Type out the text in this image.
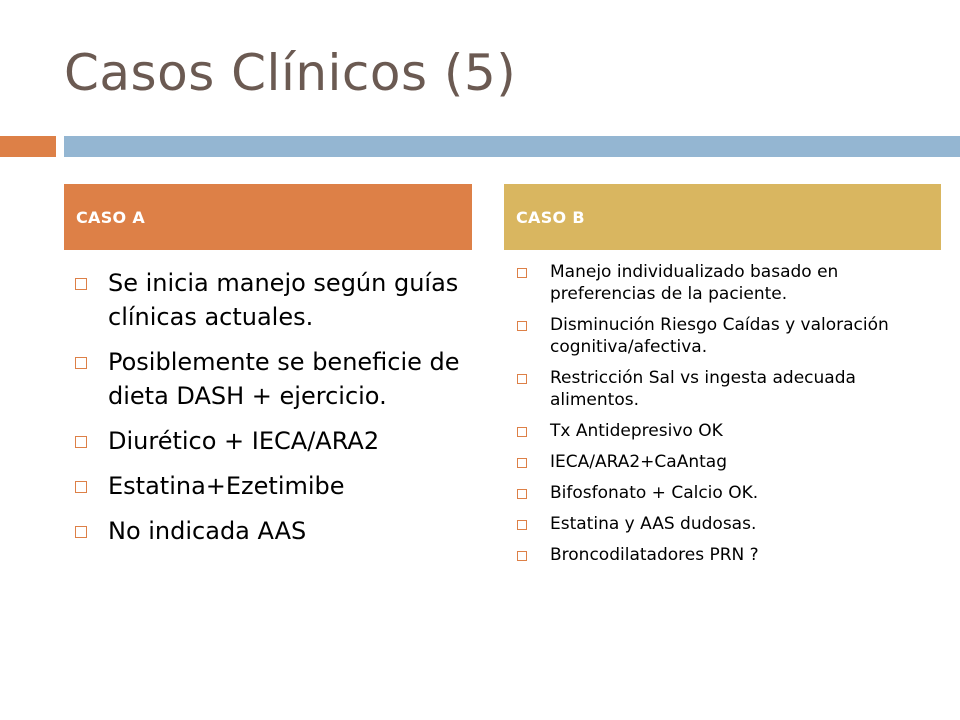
Casos Clínicos (5)
CASO A	CASO B
Se inicia manejo según guías clínicas actuales.
Posiblemente se beneficie de dieta DASH + ejercicio.
Diurético + IECA/ARA2
Estatina+Ezetimibe
No indicada AAS
Manejo individualizado basado en preferencias de la paciente.
Disminución Riesgo Caídas y valoración cognitiva/afectiva.
Restricción Sal vs ingesta adecuada alimentos.
Tx Antidepresivo OK
IECA/ARA2+CaAntag
Bifosfonato + Calcio OK.
Estatina y AAS dudosas.
Broncodilatadores PRN ?
